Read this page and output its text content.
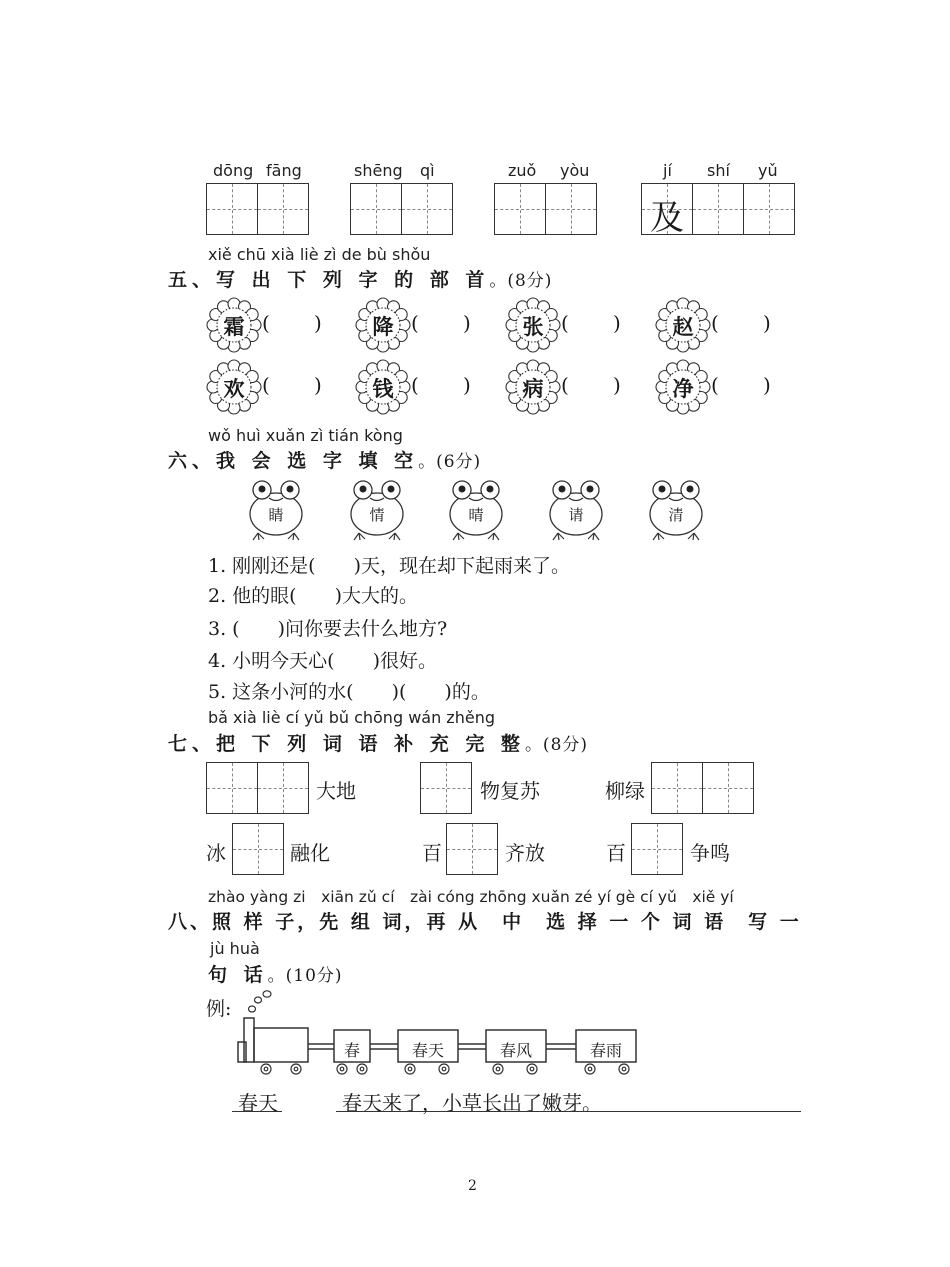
dōng fāng	shēng qì	zuǒ yòu	jí shí yǔ
及
xiě chū xià liè zì de bù shǒu
五、写 出 下 列 字 的 部 首。(8分)
霜 ( )	降 ( )	张 ( )	赵 ( )
欢 ( )	钱 ( )	病 ( )	净 ( )
wǒ huì xuǎn zì tián kòng
六、我 会 选 字 填 空。(6分)
睛	情	晴	请	清
1. 刚刚还是(　　)天，现在却下起雨来了。
2. 他的眼(　　)大大的。
3. (　　)问你要去什么地方?
4. 小明今天心(　　)很好。
5. 这条小河的水(　　)(　　)的。
bǎ xià liè cí yǔ bǔ chōng wán zhěng
七、把 下 列 词 语 补 充 完 整。(8分)
大地	物复苏	柳绿
冰	融化	百	齐放	百	争鸣
zhào yàng zi　xiān zǔ cí　zài cóng zhōng xuǎn zé yí gè cí yǔ　xiě yí
八、照 样 子，先 组 词，再 从　中　选 择 一 个 词 语　写 一
jù huà
句 话。(10分)
例:
春	春天	春风	春雨
春天	春天来了，小草长出了嫩芽。
2
